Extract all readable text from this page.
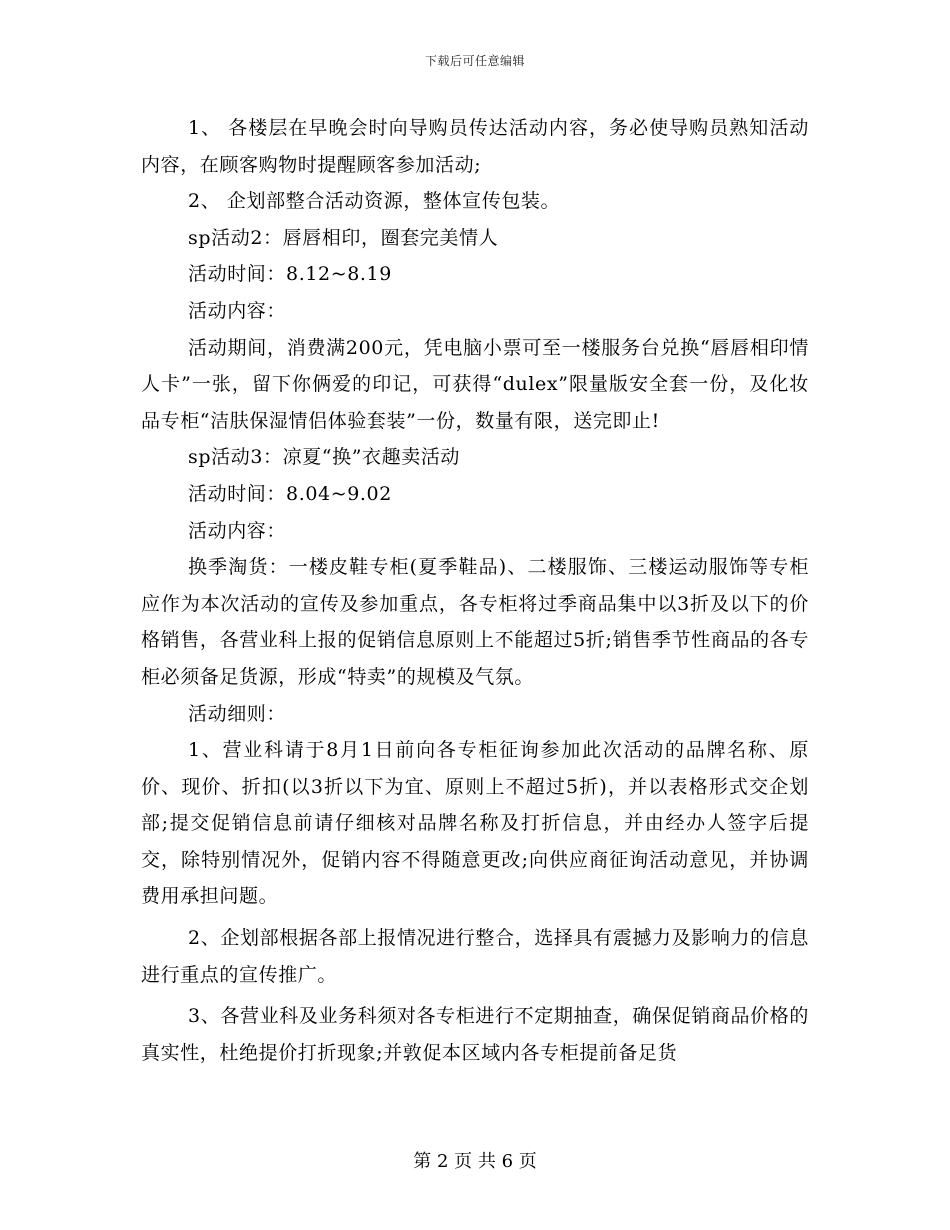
下载后可任意编辑

1、 各楼层在早晚会时向导购员传达活动内容，务必使导购员熟知活动内容，在顾客购物时提醒顾客参加活动;

2、 企划部整合活动资源，整体宣传包装。

sp活动2：唇唇相印，圈套完美情人

活动时间：8.12~8.19

活动内容：

活动期间，消费满200元，凭电脑小票可至一楼服务台兑换“唇唇相印情人卡”一张，留下你俩爱的印记，可获得“dulex”限量版安全套一份，及化妆品专柜“洁肤保湿情侣体验套装”一份，数量有限，送完即止!

sp活动3：凉夏“换”衣趣卖活动

活动时间：8.04~9.02

活动内容：

换季淘货：一楼皮鞋专柜(夏季鞋品)、二楼服饰、三楼运动服饰等专柜应作为本次活动的宣传及参加重点，各专柜将过季商品集中以3折及以下的价格销售，各营业科上报的促销信息原则上不能超过5折;销售季节性商品的各专柜必须备足货源，形成“特卖”的规模及气氛。

活动细则：

1、营业科请于8月1日前向各专柜征询参加此次活动的品牌名称、原价、现价、折扣(以3折以下为宜、原则上不超过5折)，并以表格形式交企划部;提交促销信息前请仔细核对品牌名称及打折信息，并由经办人签字后提交，除特别情况外，促销内容不得随意更改;向供应商征询活动意见，并协调费用承担问题。

2、企划部根据各部上报情况进行整合，选择具有震撼力及影响力的信息进行重点的宣传推广。

3、各营业科及业务科须对各专柜进行不定期抽查，确保促销商品价格的真实性，杜绝提价打折现象;并敦促本区域内各专柜提前备足货

第 2 页 共 6 页
